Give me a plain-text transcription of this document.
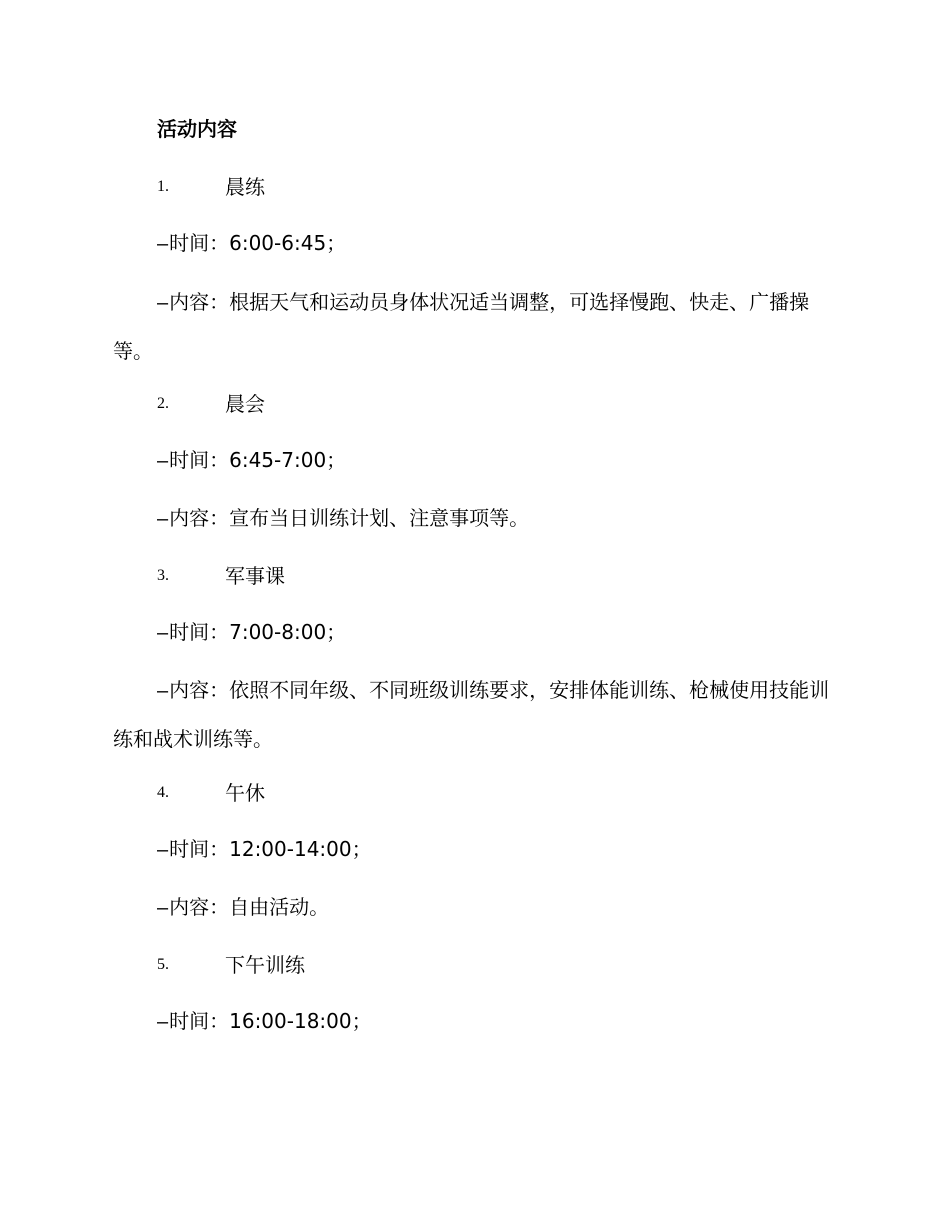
活动内容
1.	晨练
–时间：6:00-6:45；
–内容：根据天气和运动员身体状况适当调整，可选择慢跑、快走、广播操等。
2.	晨会
–时间：6:45-7:00；
–内容：宣布当日训练计划、注意事项等。
3.	军事课
–时间：7:00-8:00；
–内容：依照不同年级、不同班级训练要求，安排体能训练、枪械使用技能训练和战术训练等。
4.	午休
–时间：12:00-14:00；
–内容：自由活动。
5.	下午训练
–时间：16:00-18:00；
